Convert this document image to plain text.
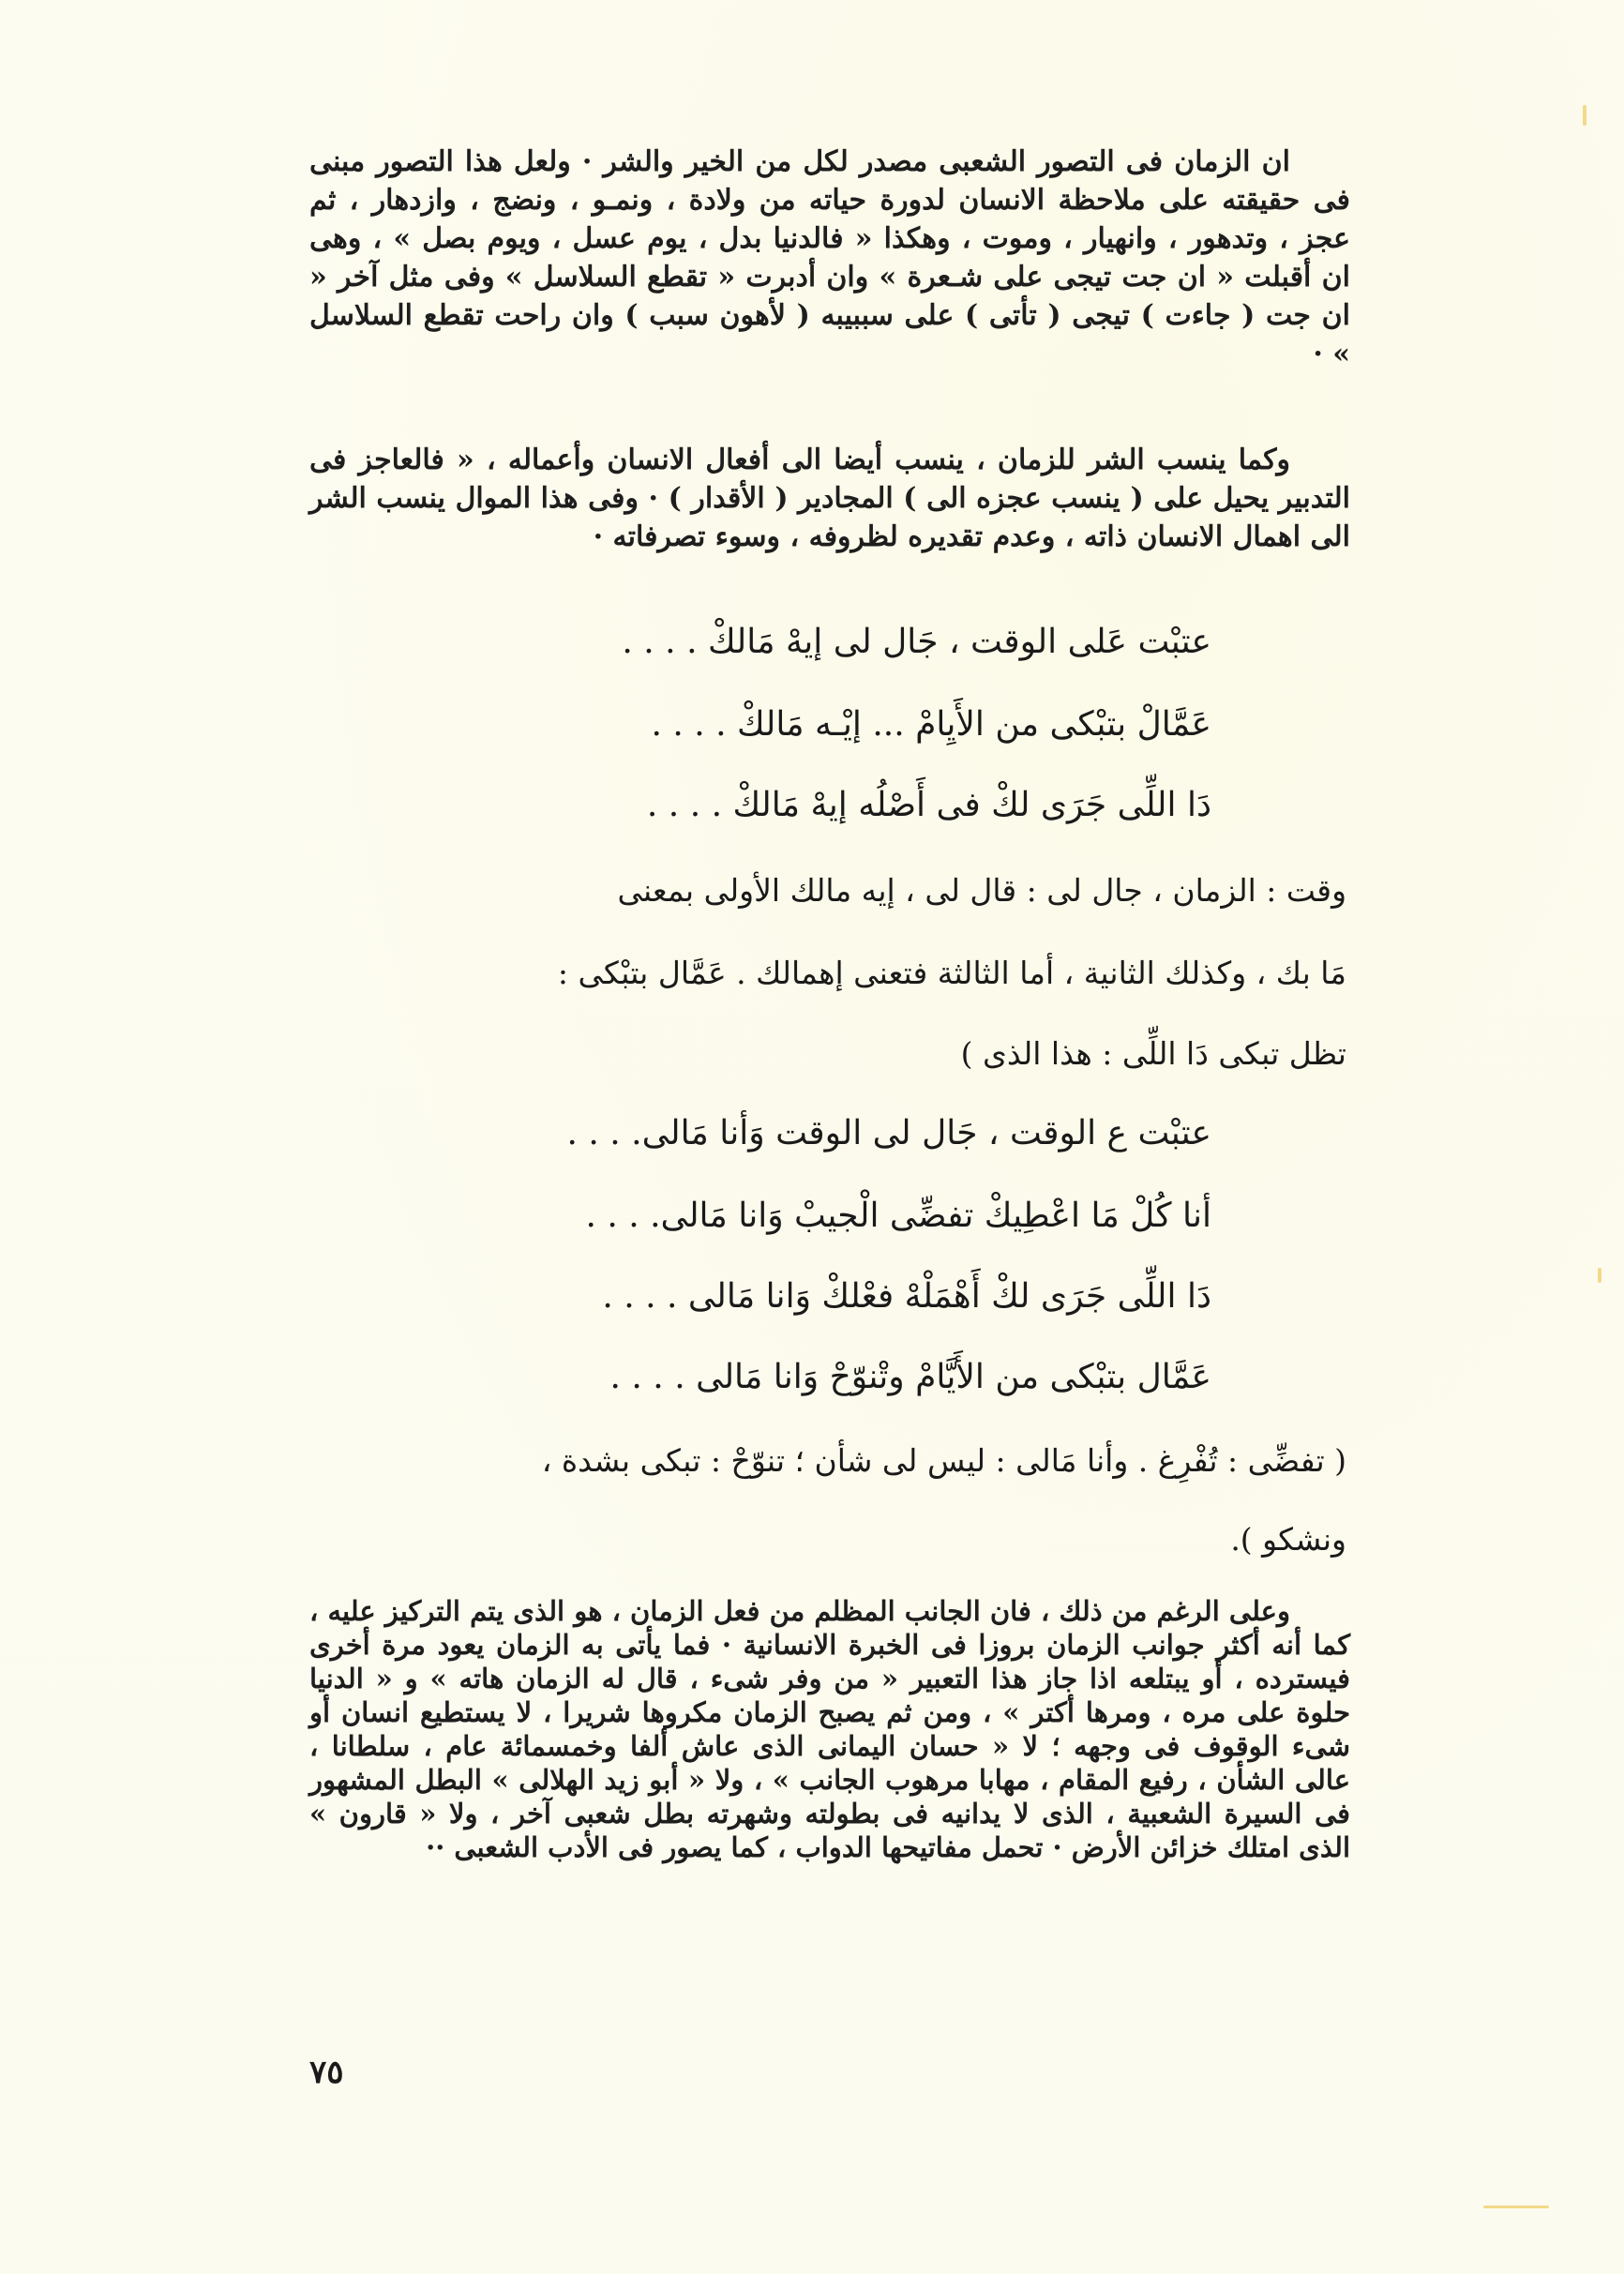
ان الزمان فى التصور الشعبى مصدر لكل من الخير والشر · ولعل هذا التصور مبنى فى حقيقته على ملاحظة الانسان لدورة حياته من ولادة ، ونمـو ، ونضج ، وازدهار ، ثم عجز ، وتدهور ، وانهيار ، وموت ، وهكذا « فالدنيا بدل ، يوم عسل ، ويوم بصل » ، وهى ان أقبلت « ان جت تيجى على شـعرة » وان أدبرت « تقطع السلاسل » وفى مثل آخر « ان جت ( جاءت ) تيجى ( تأتى ) على سببيبه ( لأهون سبب ) وان راحت تقطع السلاسل » ·

وكما ينسب الشر للزمان ، ينسب أيضا الى أفعال الانسان وأعماله ، « فالعاجز فى التدبير يحيل على ( ينسب عجزه الى ) المجادير ( الأقدار ) · وفى هذا الموال ينسب الشر الى اهمال الانسان ذاته ، وعدم تقديره لظروفه ، وسوء تصرفاته ·

عتبْت عَلى الوقت ، جَال لى إيهْ مَالكْ . . . .
عَمَّالْ بتبْكى من الأَيِامْ ... إيْـه مَالكْ . . . .
دَا اللِّى جَرَى لكْ فى أَصْلُه إيهْ مَالكْ . . . .
وقت : الزمان ، جال لى : قال لى ، إيه مالك الأولى بمعنى
مَا بك ، وكذلك الثانية ، أما الثالثة فتعنى إهمالك . عَمَّال بتبْكى :
تظل تبكى دَا اللِّى : هذا الذى )
عتبْت ع الوقت ، جَال لى الوقت وَأنا مَالى. . . .
أنا كُلْ مَا اعْطِيكْ تفضِّى الْجيبْ وَانا مَالى. . . .
دَا اللِّى جَرَى لكْ أَهْمَلْهْ فعْلكْ وَانا مَالى . . . .
عَمَّال بتبْكى من الأَيَّامْ وتْنوّحْ وَانا مَالى . . . .
( تفضِّى : تُفْرِغ . وأنا مَالى : ليس لى شأن ؛ تنوّحْ : تبكى بشدة ،
ونشكو ).

وعلى الرغم من ذلك ، فان الجانب المظلم من فعل الزمان ، هو الذى يتم التركيز عليه ، كما أنه أكثر جوانب الزمان بروزا فى الخبرة الانسانية · فما يأتى به الزمان يعود مرة أخرى فيسترده ، أو يبتلعه اذا جاز هذا التعبير « من وفر شىء ، قال له الزمان هاته » و « الدنيا حلوة على مره ، ومرها أكتر » ، ومن ثم يصبح الزمان مكروها شريرا ، لا يستطيع انسان أو شىء الوقوف فى وجهه ؛ لا « حسان اليمانى الذى عاش ألفا وخمسمائة عام ، سلطانا ، عالى الشأن ، رفيع المقام ، مهابا مرهوب الجانب » ، ولا « أبو زيد الهلالى » البطل المشهور فى السيرة الشعبية ، الذى لا يدانيه فى بطولته وشهرته بطل شعبى آخر ، ولا « قارون » الذى امتلك خزائن الأرض · تحمل مفاتيحها الدواب ، كما يصور فى الأدب الشعبى ··

٧٥
